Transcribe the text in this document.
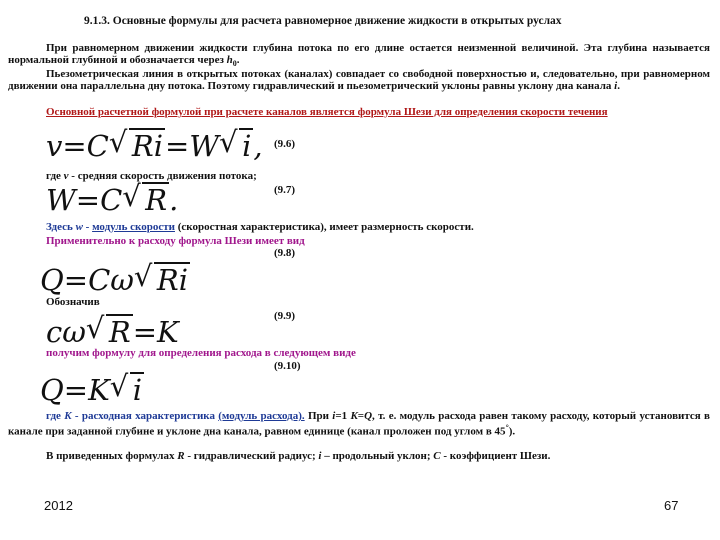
9.1.3. Основные формулы для расчета равномерное движение жидкости в открытых руслах
При равномерном движении жидкости глубина потока по его длине остается неизменной величиной. Эта глубина называется нормальной глубиной и обозначается через $h_0$.
Пьезометрическая линия в открытых потоках (каналах) совпадает со свободной поверхностью и, следовательно, при равномерном движении она параллельна дну потока. Поэтому гидравлический и пьезометрический уклоны равны уклону дна канала i.
Основной расчетной формулой при расчете каналов является формула Шези для определения скорости течения
v=C √ Ri=W √ i, (9.6)
где v - средняя скорость движения потока;
W=C √ R.	(9.7)
Здесь w - модуль скорости (скоростная характеристика), имеет размерность скорости.
Применительно к расходу формула Шези имеет вид
Q=Cω √ Ri
(9.8)
Обозначив
cω √ R=K	(9.9)
получим формулу для определения расхода в следующем виде
Q=K √ i
(9.10)
где K - расходная характеристика (модуль расхода). При i=1 K=Q, т. е. модуль расхода равен такому расходу, который установится в канале при заданной глубине и уклоне дна канала, равном единице (канал проложен под углом в 45°).
В приведенных формулах R - гидравлический радиус; i – продольный уклон; C - коэффициент Шези.
2012	67
